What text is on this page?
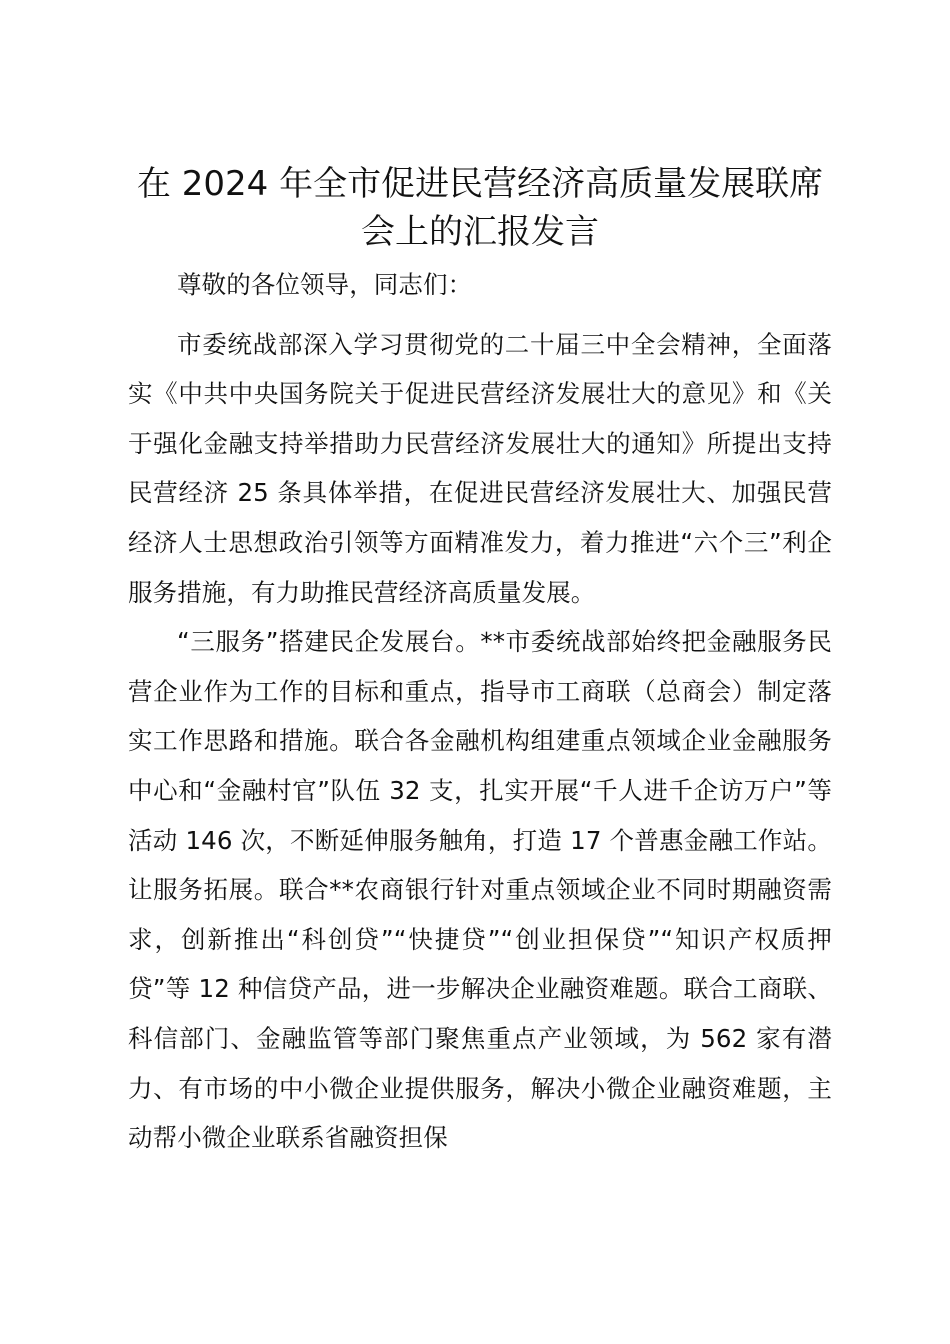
在 2024 年全市促进民营经济高质量发展联席
会上的汇报发言

尊敬的各位领导，同志们：

市委统战部深入学习贯彻党的二十届三中全会精神，全面落实《中共中央国务院关于促进民营经济发展壮大的意见》和《关于强化金融支持举措助力民营经济发展壮大的通知》所提出支持民营经济 25 条具体举措，在促进民营经济发展壮大、加强民营经济人士思想政治引领等方面精准发力，着力推进“六个三”利企服务措施，有力助推民营经济高质量发展。

“三服务”搭建民企发展台。**市委统战部始终把金融服务民营企业作为工作的目标和重点，指导市工商联（总商会）制定落实工作思路和措施。联合各金融机构组建重点领域企业金融服务中心和“金融村官”队伍 32 支，扎实开展“千人进千企访万户”等活动 146 次，不断延伸服务触角，打造 17 个普惠金融工作站。让服务拓展。联合**农商银行针对重点领域企业不同时期融资需求，创新推出“科创贷”“快捷贷”“创业担保贷”“知识产权质押贷”等 12 种信贷产品，进一步解决企业融资难题。联合工商联、科信部门、金融监管等部门聚焦重点产业领域，为 562 家有潜力、有市场的中小微企业提供服务，解决小微企业融资难题，主动帮小微企业联系省融资担保
